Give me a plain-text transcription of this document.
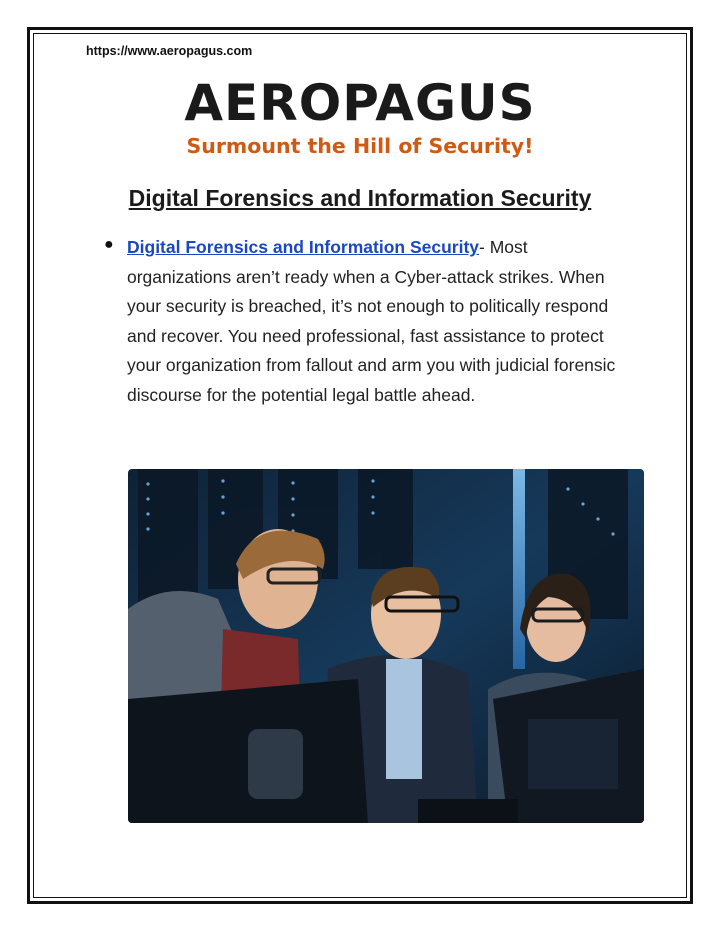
https://www.aeropagus.com
AEROPAGUS
Surmount the Hill of Security!
Digital Forensics and Information Security
● Digital Forensics and Information Security- Most organizations aren’t ready when a Cyber-attack strikes. When your security is breached, it’s not enough to politically respond and recover. You need professional, fast assistance to protect your organization from fallout and arm you with judicial forensic discourse for the potential legal battle ahead.
